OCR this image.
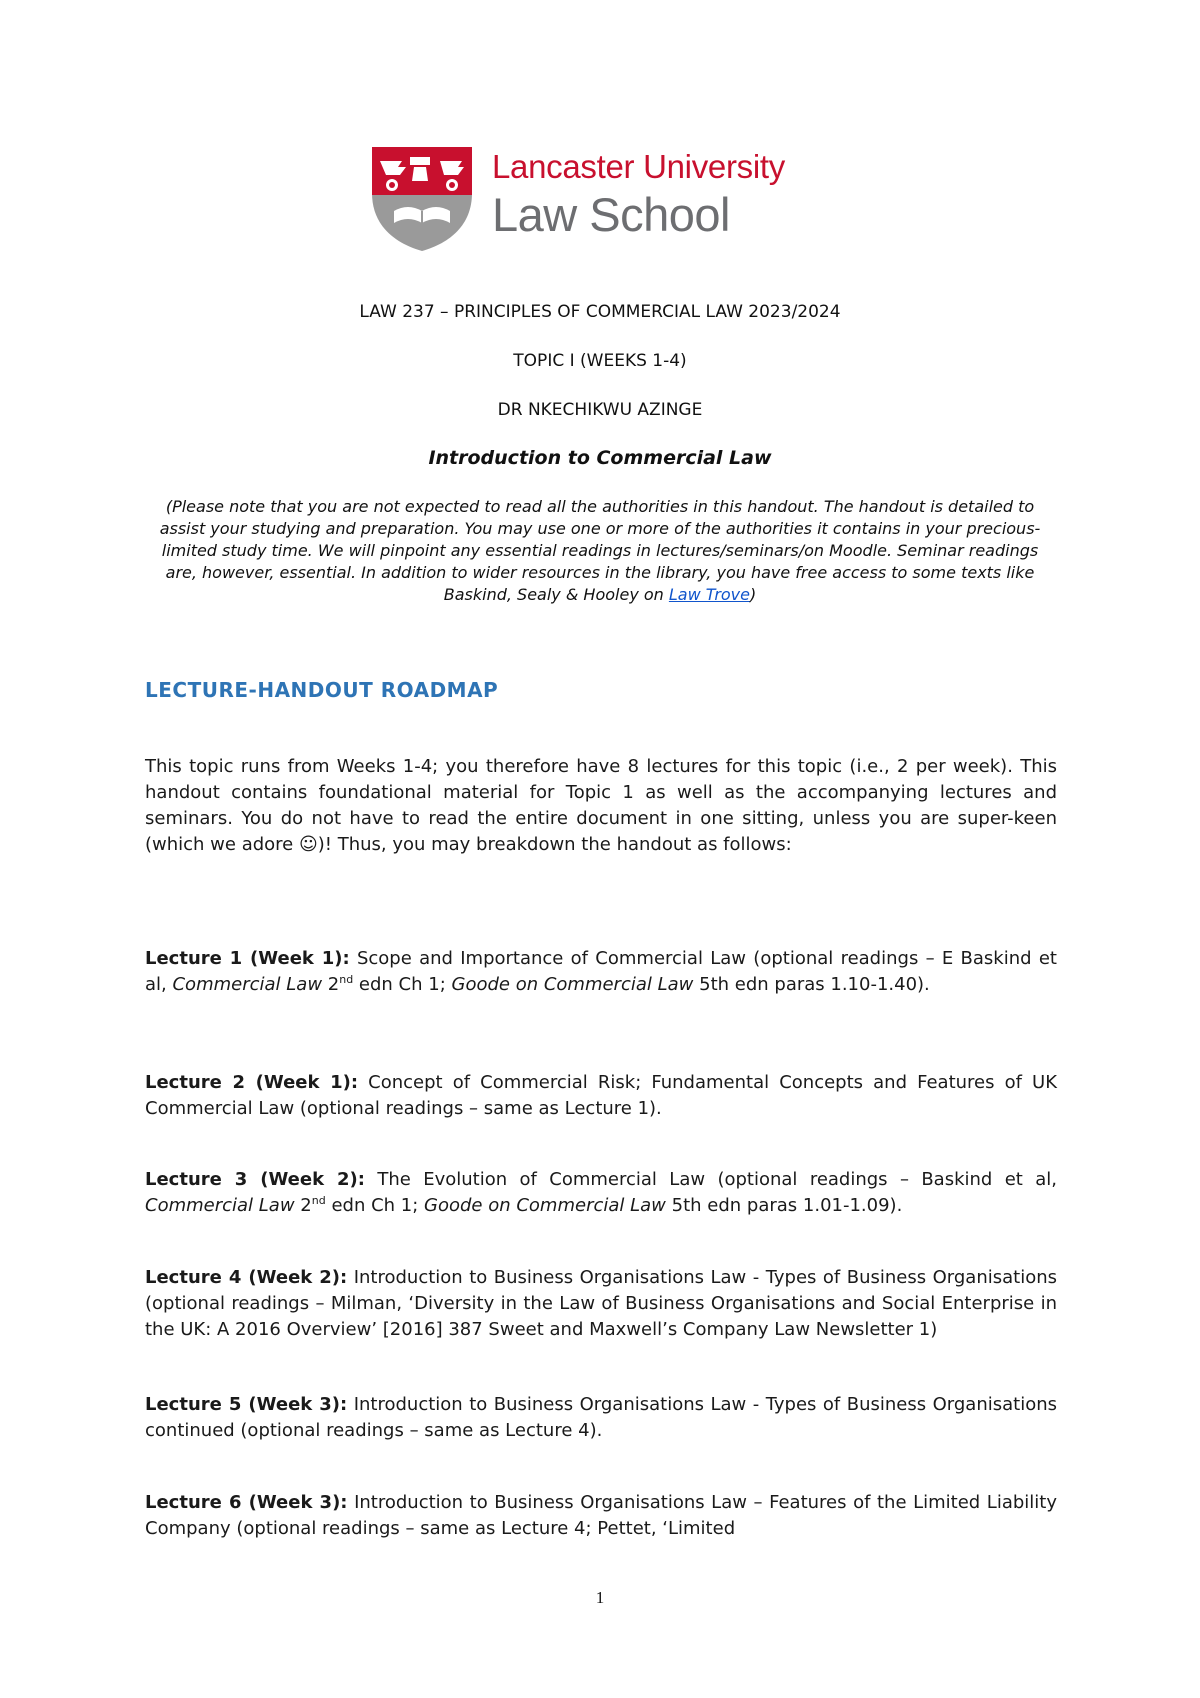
Lancaster University
Law School
LAW 237 – PRINCIPLES OF COMMERCIAL LAW 2023/2024
TOPIC I (WEEKS 1-4)
DR NKECHIKWU AZINGE
Introduction to Commercial Law
(Please note that you are not expected to read all the authorities in this handout. The handout is detailed to assist your studying and preparation. You may use one or more of the authorities it contains in your precious-limited study time. We will pinpoint any essential readings in lectures/seminars/on Moodle. Seminar readings are, however, essential. In addition to wider resources in the library, you have free access to some texts like Baskind, Sealy & Hooley on Law Trove)
LECTURE-HANDOUT ROADMAP
This topic runs from Weeks 1-4; you therefore have 8 lectures for this topic (i.e., 2 per week). This handout contains foundational material for Topic 1 as well as the accompanying lectures and seminars. You do not have to read the entire document in one sitting, unless you are super-keen (which we adore ☺)! Thus, you may breakdown the handout as follows:
Lecture 1 (Week 1): Scope and Importance of Commercial Law (optional readings – E Baskind et al, Commercial Law 2nd edn Ch 1; Goode on Commercial Law 5th edn paras 1.10-1.40).
Lecture 2 (Week 1): Concept of Commercial Risk; Fundamental Concepts and Features of UK Commercial Law (optional readings – same as Lecture 1).
Lecture 3 (Week 2): The Evolution of Commercial Law (optional readings – Baskind et al, Commercial Law 2nd edn Ch 1; Goode on Commercial Law 5th edn paras 1.01-1.09).
Lecture 4 (Week 2): Introduction to Business Organisations Law - Types of Business Organisations (optional readings – Milman, ‘Diversity in the Law of Business Organisations and Social Enterprise in the UK: A 2016 Overview’ [2016] 387 Sweet and Maxwell’s Company Law Newsletter 1)
Lecture 5 (Week 3): Introduction to Business Organisations Law - Types of Business Organisations continued (optional readings – same as Lecture 4).
Lecture 6 (Week 3): Introduction to Business Organisations Law – Features of the Limited Liability Company (optional readings – same as Lecture 4; Pettet, ‘Limited
1
